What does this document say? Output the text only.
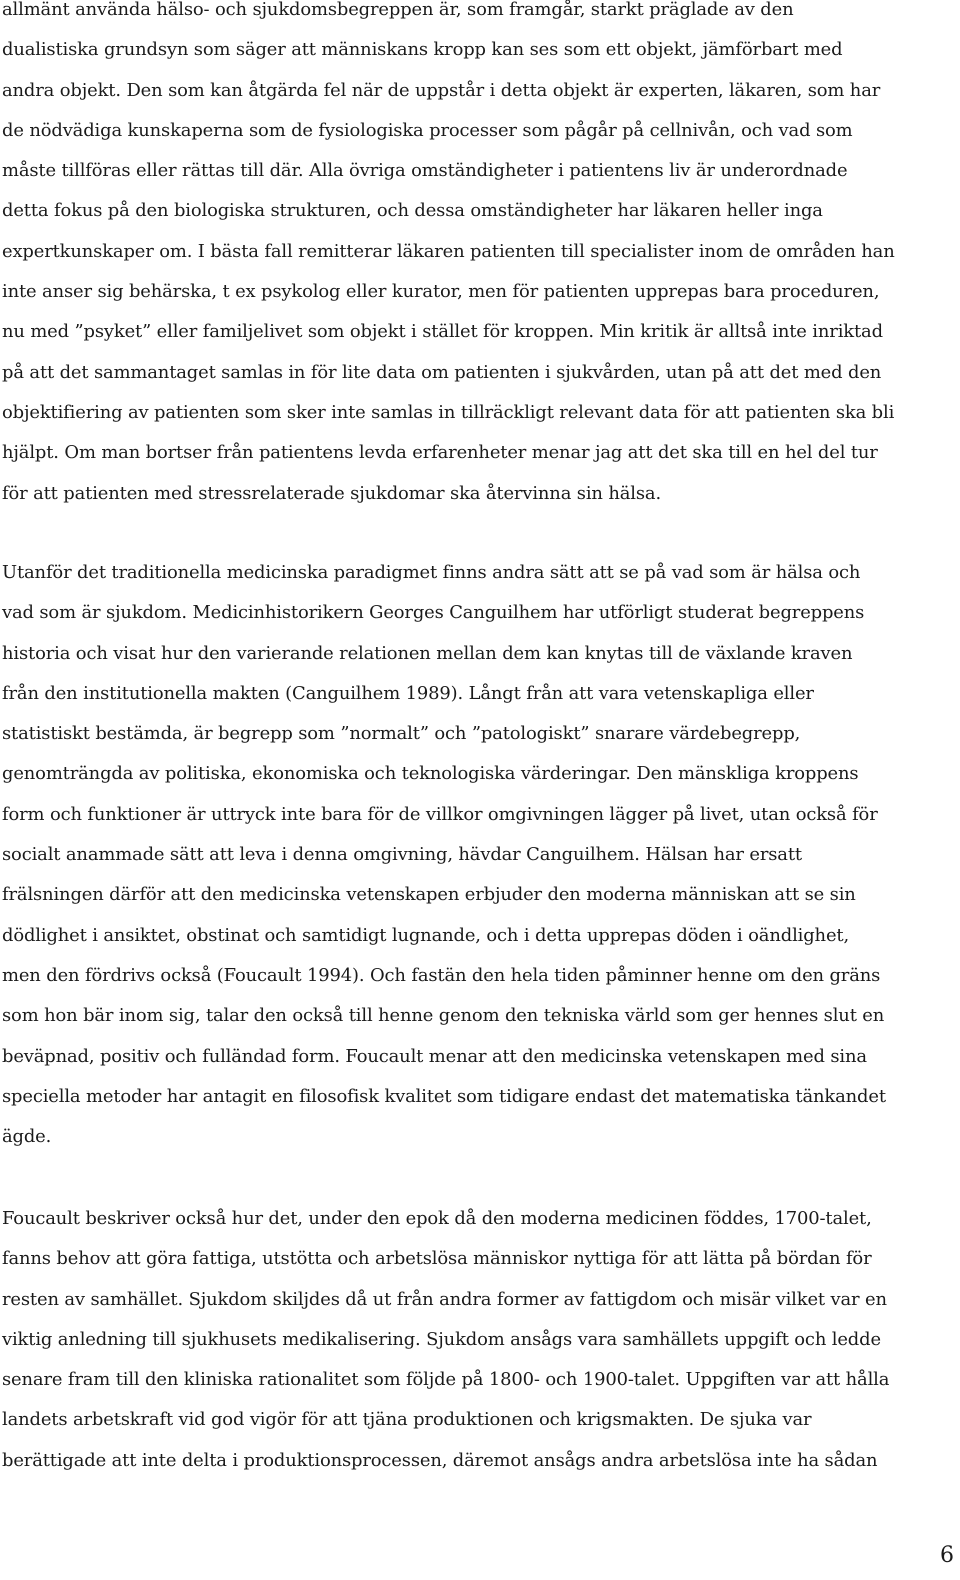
allmänt använda hälso- och sjukdomsbegreppen är, som framgår, starkt präglade av den
dualistiska grundsyn som säger att människans kropp kan ses som ett objekt, jämförbart med
andra objekt. Den som kan åtgärda fel när de uppstår i detta objekt är experten, läkaren, som har
de nödvädiga kunskaperna som de fysiologiska processer som pågår på cellnivån, och vad som
måste tillföras eller rättas till där. Alla övriga omständigheter i patientens liv är underordnade
detta fokus på den biologiska strukturen, och dessa omständigheter har läkaren heller inga
expertkunskaper om. I bästa fall remitterar läkaren patienten till specialister inom de områden han
inte anser sig behärska, t ex psykolog eller kurator, men för patienten upprepas bara proceduren,
nu med ”psyket” eller familjelivet som objekt i stället för kroppen. Min kritik är alltså inte inriktad
på att det sammantaget samlas in för lite data om patienten i sjukvården, utan på att det med den
objektifiering av patienten som sker inte samlas in tillräckligt relevant data för att patienten ska bli
hjälpt. Om man bortser från patientens levda erfarenheter menar jag att det ska till en hel del tur
för att patienten med stressrelaterade sjukdomar ska återvinna sin hälsa.
Utanför det traditionella medicinska paradigmet finns andra sätt att se på vad som är hälsa och
vad som är sjukdom. Medicinhistorikern Georges Canguilhem har utförligt studerat begreppens
historia och visat hur den varierande relationen mellan dem kan knytas till de växlande kraven
från den institutionella makten (Canguilhem 1989). Långt från att vara vetenskapliga eller
statistiskt bestämda, är begrepp som ”normalt” och ”patologiskt” snarare värdebegrepp,
genomträngda av politiska, ekonomiska och teknologiska värderingar. Den mänskliga kroppens
form och funktioner är uttryck inte bara för de villkor omgivningen lägger på livet, utan också för
socialt anammade sätt att leva i denna omgivning, hävdar Canguilhem. Hälsan har ersatt
frälsningen därför att den medicinska vetenskapen erbjuder den moderna människan att se sin
dödlighet i ansiktet, obstinat och samtidigt lugnande, och i detta upprepas döden i oändlighet,
men den fördrivs också (Foucault 1994). Och fastän den hela tiden påminner henne om den gräns
som hon bär inom sig, talar den också till henne genom den tekniska värld som ger hennes slut en
beväpnad, positiv och fulländad form. Foucault menar att den medicinska vetenskapen med sina
speciella metoder har antagit en filosofisk kvalitet som tidigare endast det matematiska tänkandet
ägde.
Foucault beskriver också hur det, under den epok då den moderna medicinen föddes, 1700-talet,
fanns behov att göra fattiga, utstötta och arbetslösa människor nyttiga för att lätta på bördan för
resten av samhället. Sjukdom skiljdes då ut från andra former av fattigdom och misär vilket var en
viktig anledning till sjukhusets medikalisering. Sjukdom ansågs vara samhällets uppgift och ledde
senare fram till den kliniska rationalitet som följde på 1800- och 1900-talet. Uppgiften var att hålla
landets arbetskraft vid god vigör för att tjäna produktionen och krigsmakten. De sjuka var
berättigade att inte delta i produktionsprocessen, däremot ansågs andra arbetslösa inte ha sådan
6
